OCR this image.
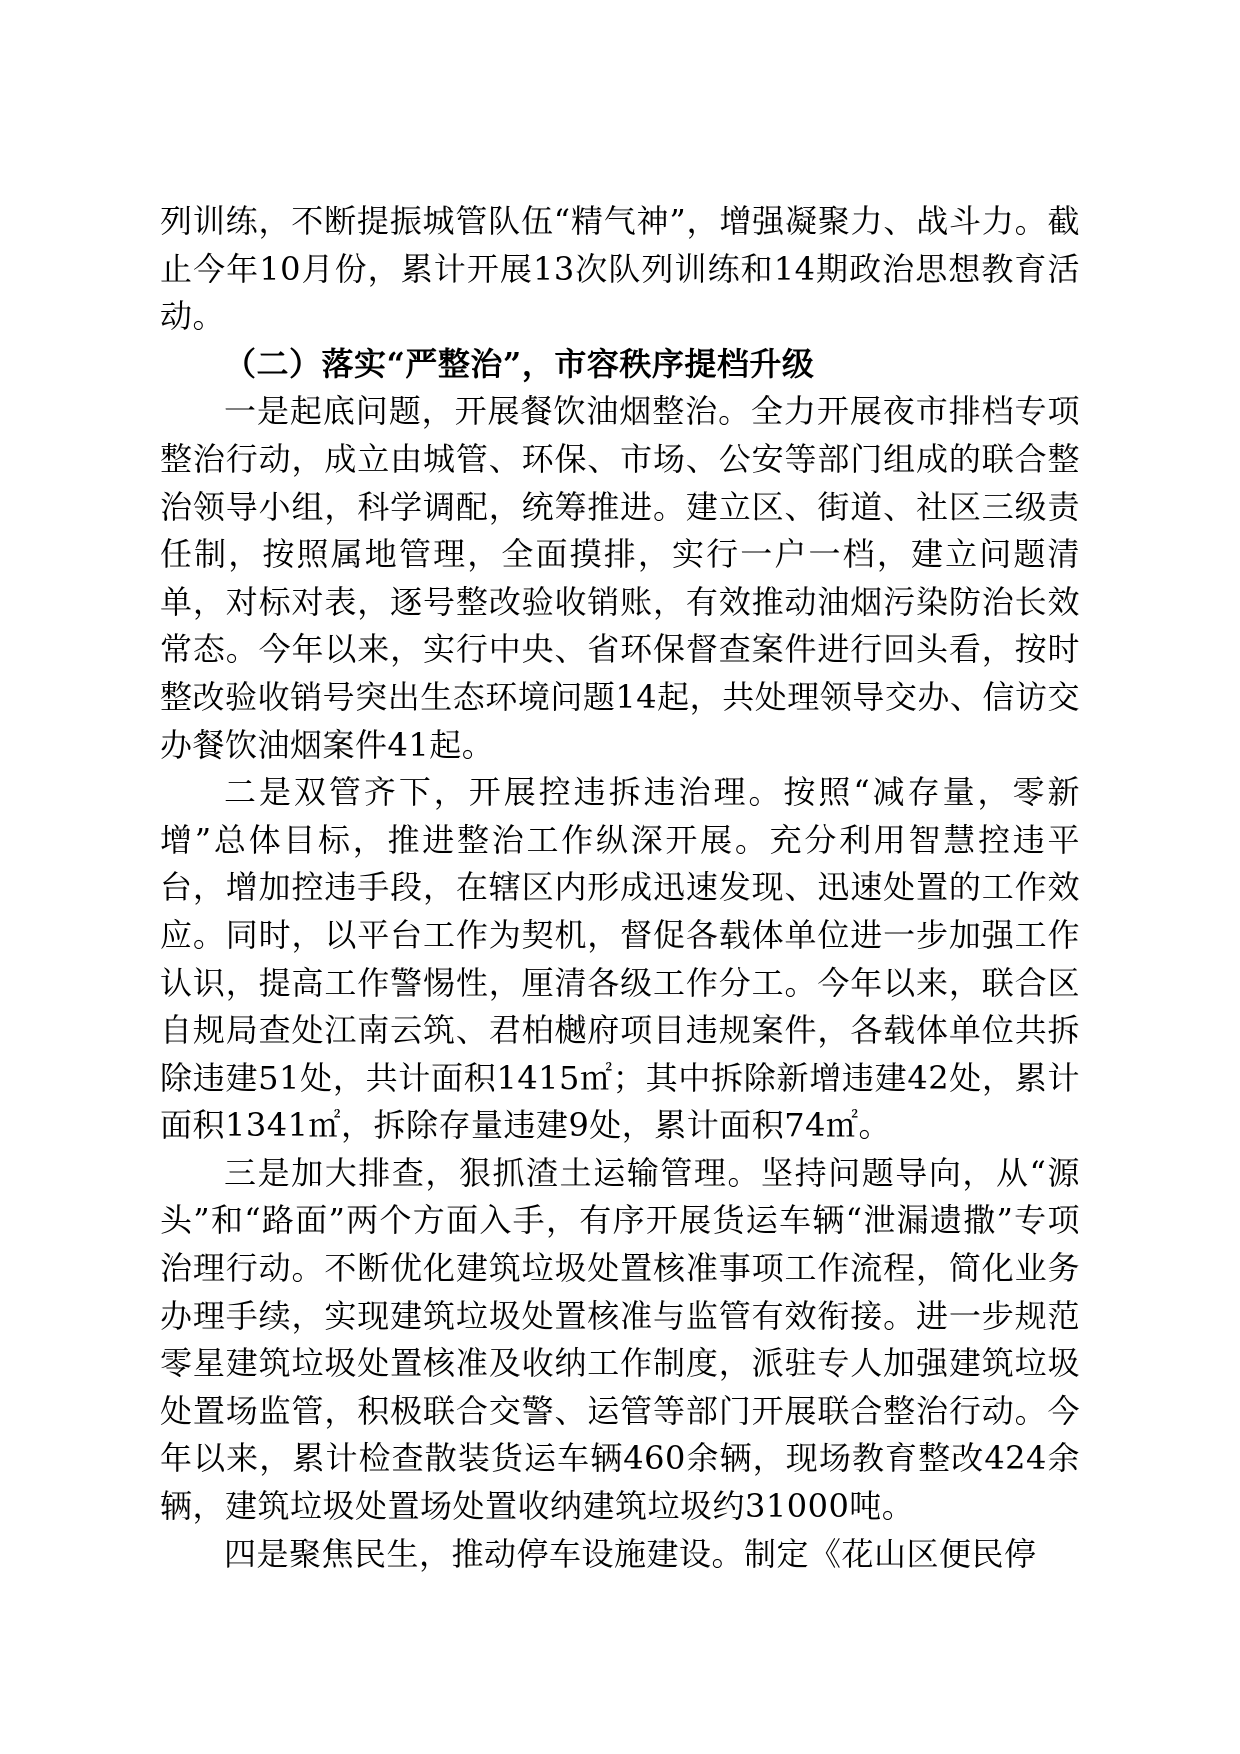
列训练，不断提振城管队伍“精气神”，增强凝聚力、战斗力。截止今年10月份，累计开展13次队列训练和14期政治思想教育活动。

（二）落实“严整治”，市容秩序提档升级

一是起底问题，开展餐饮油烟整治。全力开展夜市排档专项整治行动，成立由城管、环保、市场、公安等部门组成的联合整治领导小组，科学调配，统筹推进。建立区、街道、社区三级责任制，按照属地管理，全面摸排，实行一户一档，建立问题清单，对标对表，逐号整改验收销账，有效推动油烟污染防治长效常态。今年以来，实行中央、省环保督查案件进行回头看，按时整改验收销号突出生态环境问题14起，共处理领导交办、信访交办餐饮油烟案件41起。

二是双管齐下，开展控违拆违治理。按照“减存量，零新增”总体目标，推进整治工作纵深开展。充分利用智慧控违平台，增加控违手段，在辖区内形成迅速发现、迅速处置的工作效应。同时，以平台工作为契机，督促各载体单位进一步加强工作认识，提高工作警惕性，厘清各级工作分工。今年以来，联合区自规局查处江南云筑、君柏樾府项目违规案件，各载体单位共拆除违建51处，共计面积1415㎡；其中拆除新增违建42处，累计面积1341㎡，拆除存量违建9处，累计面积74㎡。

三是加大排查，狠抓渣土运输管理。坚持问题导向，从“源头”和“路面”两个方面入手，有序开展货运车辆“泄漏遗撒”专项治理行动。不断优化建筑垃圾处置核准事项工作流程，简化业务办理手续，实现建筑垃圾处置核准与监管有效衔接。进一步规范零星建筑垃圾处置核准及收纳工作制度，派驻专人加强建筑垃圾处置场监管，积极联合交警、运管等部门开展联合整治行动。今年以来，累计检查散装货运车辆460余辆，现场教育整改424余辆，建筑垃圾处置场处置收纳建筑垃圾约31000吨。

四是聚焦民生，推动停车设施建设。制定《花山区便民停
